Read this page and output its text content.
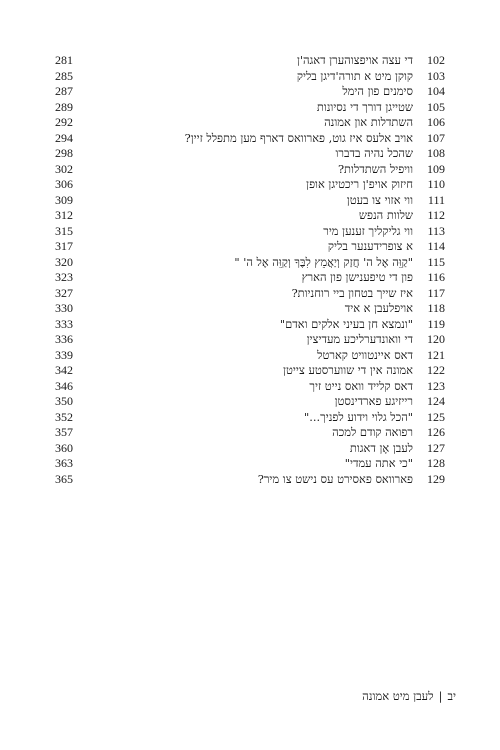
102
די עצה אויפצוהערן דאגה'ן
281
103
קוקן מיט א תורה'דיגן בליק
285
104
סימנים פון הימל
287
105
שטייגן דורך די נסיונות
289
106
השתדלות און אמונה
292
107
אויב אלעס איז גוט, פארוואס דארף מען מתפלל זיין?
294
108
שהכל נהיה בדברו
298
109
וויפיל השתדלות?
302
110
חיזוק אויפ'ן ריכטיגן אופן
306
111
ווי אזוי צו בעטן
309
112
שלוות הנפש
312
113
ווי גליקליך זענען מיר
315
114
א צופרידענער בליק
317
115
"קַוֵּה אֶל ה' חֲזַק וְיַאֲמֵץ לִבֶּךָ וְקַוֵּה אֶל ה' "
320
116
פון די טיפענישן פון הארץ
323
117
איז שייך בטחון ביי רוחניות?
327
118
אויפלעבן א איד
330
119
"ונמצא חן בעיני אלקים ואדם"
333
120
די וואונדערליכע מעדיצין
336
121
דאס איינטוויט קארטל
339
122
אמונה אין די שווערסטע צייטן
342
123
דאס קלייד וואס נייט זיך
346
124
רייזיגע פארדינסטן
350
125
"הכל גלוי וידוע לפניך..."
352
126
רפואה קודם למכה
357
127
לעבן אָן דאגות
360
128
"כי אתה עמדי"
363
129
פארוואס פאסירט עס נישט צו מיר?
365
יב|לעבן מיט אמונה
